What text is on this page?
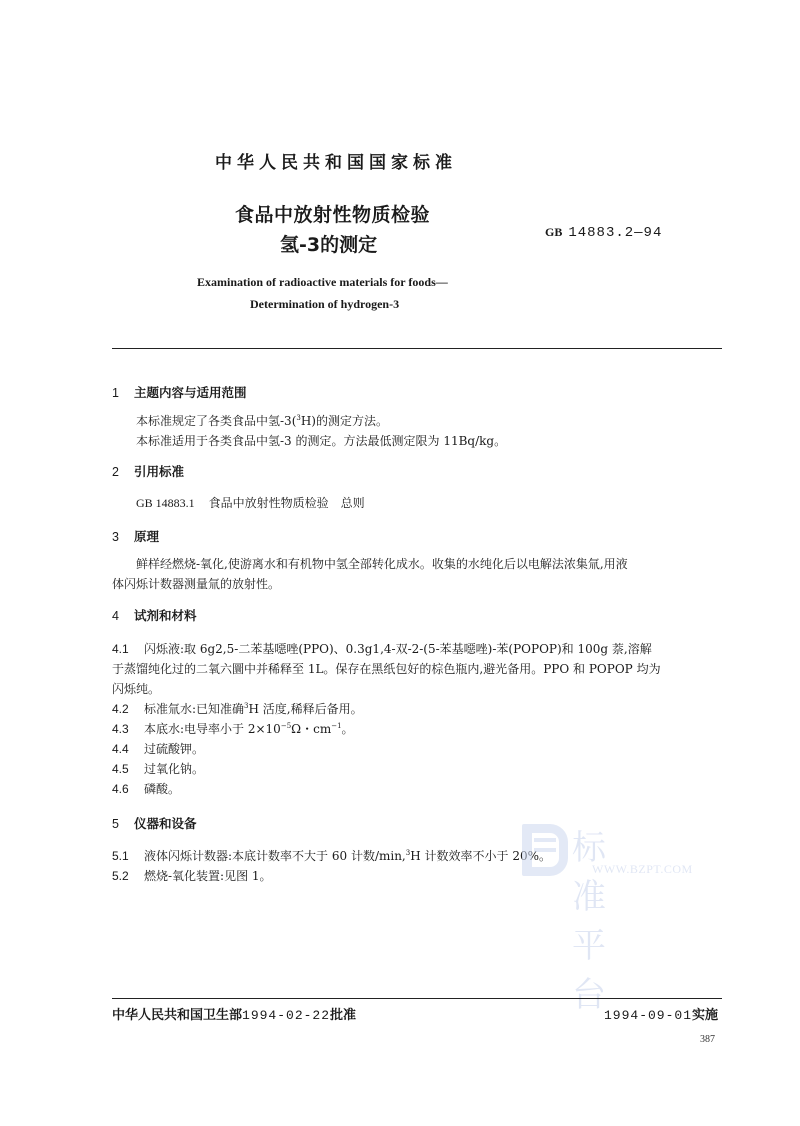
中华人民共和国国家标准
食品中放射性物质检验
氢-3的测定
GB 14883.2—94
Examination of radioactive materials for foods—
Determination of hydrogen-3
1 主题内容与适用范围
本标准规定了各类食品中氢-3($^3$H)的测定方法。
本标准适用于各类食品中氢-3 的测定。方法最低测定限为 11Bq/kg。
2 引用标准
GB 14883.1 食品中放射性物质检验　总则
3 原理
鲜样经燃烧-氧化,使游离水和有机物中氢全部转化成水。收集的水纯化后以电解法浓集氚,用液
体闪烁计数器测量氚的放射性。
4 试剂和材料
4.1 闪烁液:取 6g2,5-二苯基噁唑(PPO)、0.3g1,4-双-2-(5-苯基噁唑)-苯(POPOP)和 100g 萘,溶解
于蒸馏纯化过的二氧六圜中并稀释至 1L。保存在黑纸包好的棕色瓶内,避光备用。PPO 和 POPOP 均为
闪烁纯。
4.2 标准氚水:已知准确$^3$H 活度,稀释后备用。
4.3 本底水:电导率小于 $2\times 10^{-5}\Omega$・$cm^{-1}$。
4.4 过硫酸钾。
4.5 过氧化钠。
4.6 磷酸。
5 仪器和设备
5.1 液体闪烁计数器:本底计数率不大于 60 计数/min,$^3$H 计数效率不小于 20%。
5.2 燃烧-氧化装置:见图 1。
标准平台
WWW.BZPT.COM
中华人民共和国卫生部1994-02-22批准	1994-09-01实施
387
